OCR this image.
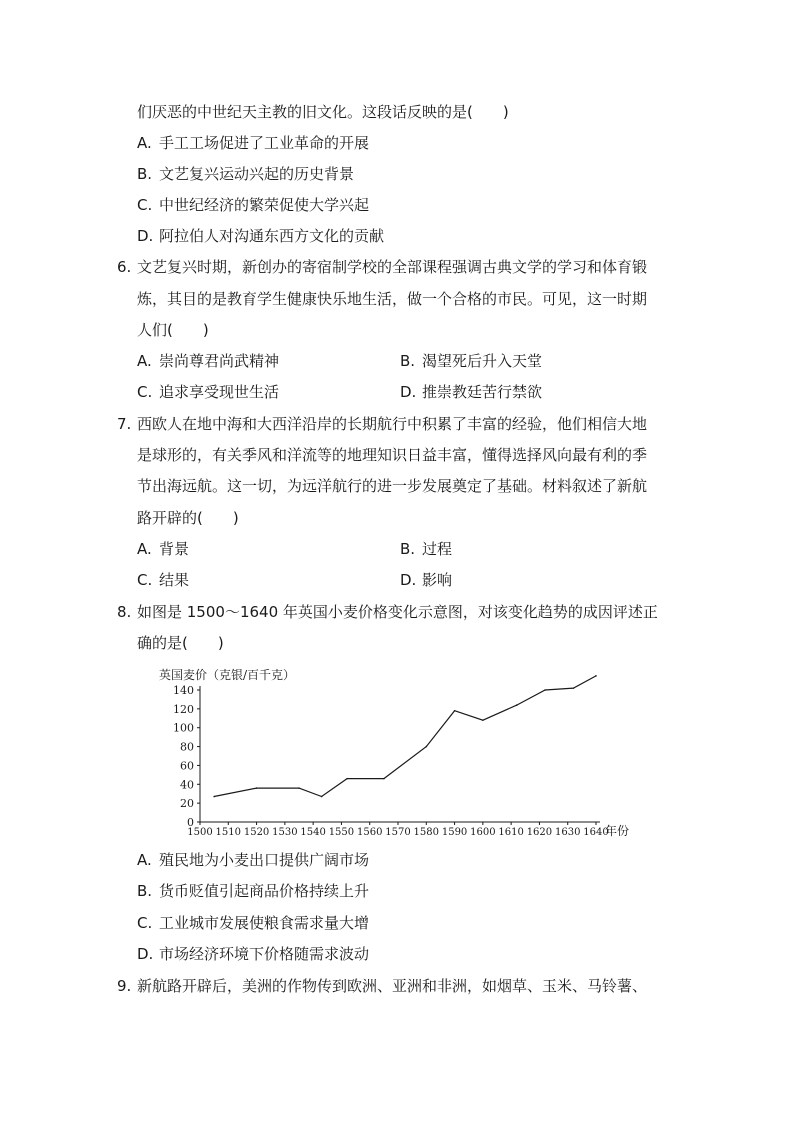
们厌恶的中世纪天主教的旧文化。这段话反映的是(　　)
A. 手工工场促进了工业革命的开展
B. 文艺复兴运动兴起的历史背景
C. 中世纪经济的繁荣促使大学兴起
D. 阿拉伯人对沟通东西方文化的贡献
6. 文艺复兴时期，新创办的寄宿制学校的全部课程强调古典文学的学习和体育锻
炼，其目的是教育学生健康快乐地生活，做一个合格的市民。可见，这一时期
人们(　　)
A. 崇尚尊君尚武精神	B. 渴望死后升入天堂
C. 追求享受现世生活	D. 推崇教廷苦行禁欲
7. 西欧人在地中海和大西洋沿岸的长期航行中积累了丰富的经验，他们相信大地
是球形的，有关季风和洋流等的地理知识日益丰富，懂得选择风向最有利的季
节出海远航。这一切，为远洋航行的进一步发展奠定了基础。材料叙述了新航
路开辟的(　　)
A. 背景	B. 过程
C. 结果	D. 影响
8. 如图是 1500～1640 年英国小麦价格变化示意图，对该变化趋势的成因评述正
确的是(　　)
英国麦价（克银/百千克）
0
20
40
60
80
100
120
140
1500 1510 1520 1530 1540 1550 1560 1570 1580 1590 1600 1610 1620 1630 1640
年份
A. 殖民地为小麦出口提供广阔市场
B. 货币贬值引起商品价格持续上升
C. 工业城市发展使粮食需求量大增
D. 市场经济环境下价格随需求波动
9. 新航路开辟后，美洲的作物传到欧洲、亚洲和非洲，如烟草、玉米、马铃薯、
